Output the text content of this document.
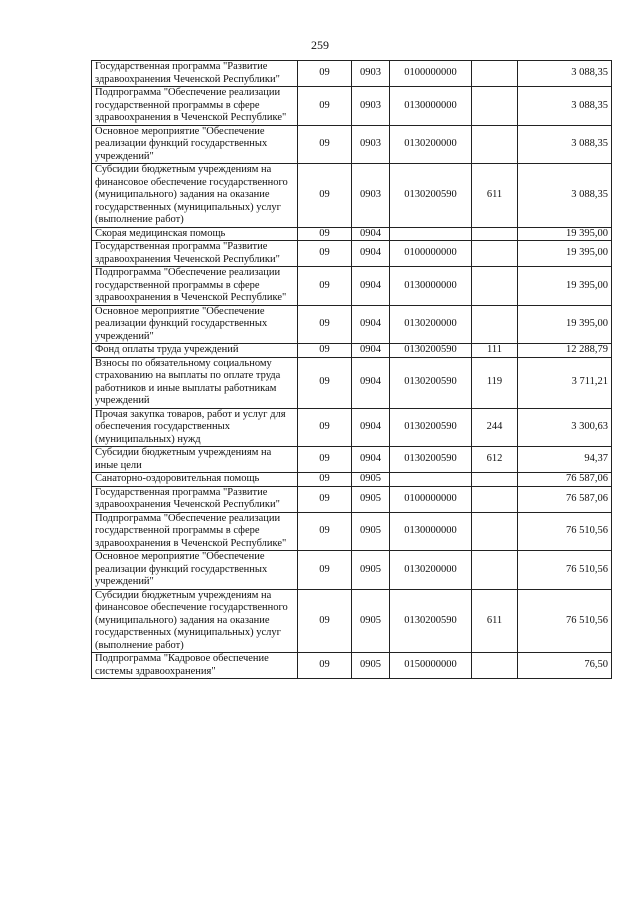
259
Государственная программа "Развитие здравоохранения Чеченской Республики"	09	0903	0100000000		3 088,35
Подпрограмма "Обеспечение реализации государственной программы в сфере здравоохранения в Чеченской Республике"	09	0903	0130000000		3 088,35
Основное мероприятие "Обеспечение реализации функций государственных учреждений"	09	0903	0130200000		3 088,35
Субсидии бюджетным учреждениям на финансовое обеспечение государственного (муниципального) задания на оказание государственных (муниципальных) услуг (выполнение работ)	09	0903	0130200590	611	3 088,35
Скорая медицинская помощь	09	0904			19 395,00
Государственная программа "Развитие здравоохранения Чеченской Республики"	09	0904	0100000000		19 395,00
Подпрограмма "Обеспечение реализации государственной программы в сфере здравоохранения в Чеченской Республике"	09	0904	0130000000		19 395,00
Основное мероприятие "Обеспечение реализации функций государственных учреждений"	09	0904	0130200000		19 395,00
Фонд оплаты труда учреждений	09	0904	0130200590	111	12 288,79
Взносы по обязательному социальному страхованию на выплаты по оплате труда работников и иные выплаты работникам учреждений	09	0904	0130200590	119	3 711,21
Прочая закупка товаров, работ и услуг для обеспечения государственных (муниципальных) нужд	09	0904	0130200590	244	3 300,63
Субсидии бюджетным учреждениям на иные цели	09	0904	0130200590	612	94,37
Санаторно-оздоровительная помощь	09	0905			76 587,06
Государственная программа "Развитие здравоохранения Чеченской Республики"	09	0905	0100000000		76 587,06
Подпрограмма "Обеспечение реализации государственной программы в сфере здравоохранения в Чеченской Республике"	09	0905	0130000000		76 510,56
Основное мероприятие "Обеспечение реализации функций государственных учреждений"	09	0905	0130200000		76 510,56
Субсидии бюджетным учреждениям на финансовое обеспечение государственного (муниципального) задания на оказание государственных (муниципальных) услуг (выполнение работ)	09	0905	0130200590	611	76 510,56
Подпрограмма "Кадровое обеспечение системы здравоохранения"	09	0905	0150000000		76,50
